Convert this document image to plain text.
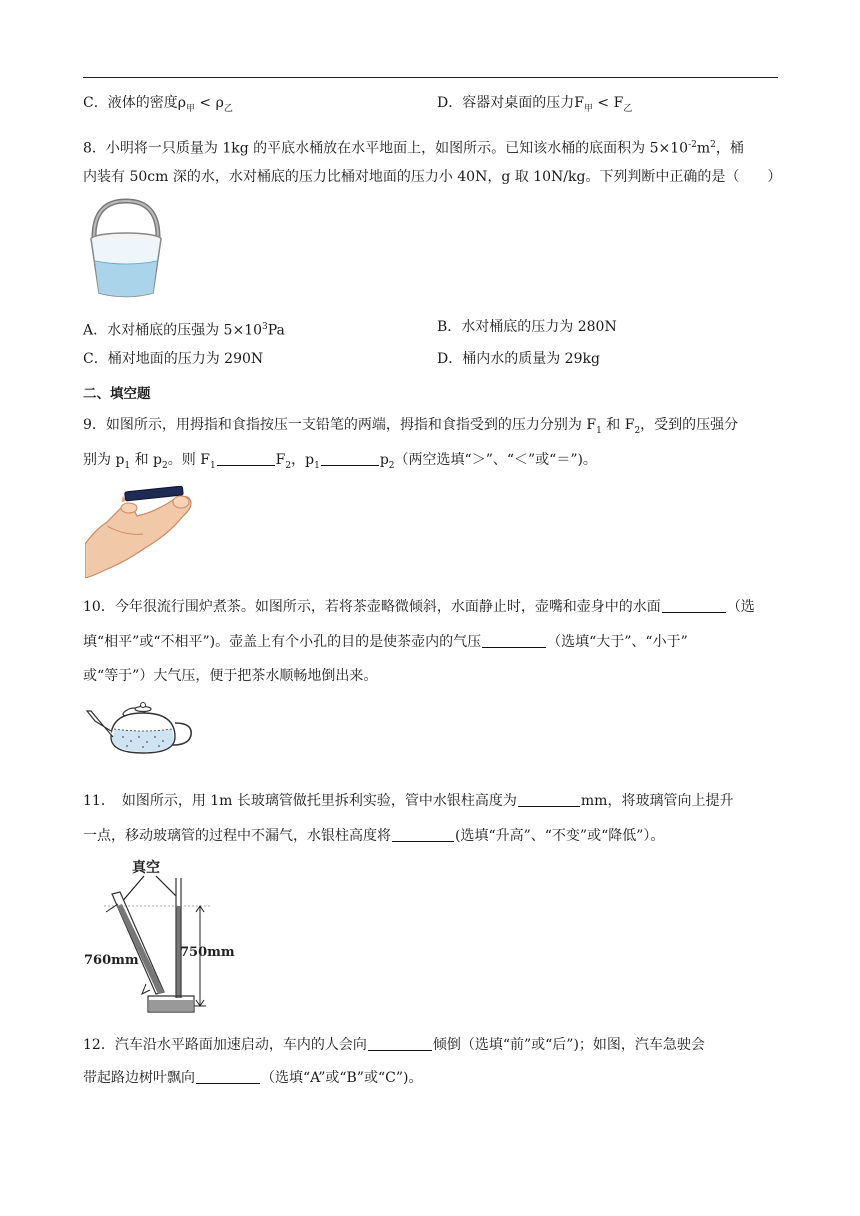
C．液体的密度$\rho_甲 < \rho_乙$	D．容器对桌面的压力$F_甲 < F_乙$
8．小明将一只质量为 1kg 的平底水桶放在水平地面上，如图所示。已知该水桶的底面积为 $5\times 10^{-2}m^2$，桶
内装有 50cm 深的水，水对桶底的压力比桶对地面的压力小 40N，g 取 10N/kg。下列判断中正确的是（　　）
A．水对桶底的压强为 $5\times 10^3Pa$	B．水对桶底的压力为 280N
C．桶对地面的压力为 290N	D．桶内水的质量为 29kg
二、填空题
9．如图所示，用拇指和食指按压一支铅笔的两端，拇指和食指受到的压力分别为 $F_1$ 和 $F_2$，受到的压强分
别为 $p_1$ 和 $p_2$。则 $F_1$	$F_2$，$p_1$	$p_2$（两空选填“＞”、“＜”或“＝”)。
10．今年很流行围炉煮茶。如图所示，若将茶壶略微倾斜，水面静止时，壶嘴和壶身中的水面	（选
填“相平”或“不相平”)。壶盖上有个小孔的目的是使茶壶内的气压	（选填“大于”、“小于”
或“等于”）大气压，便于把茶水顺畅地倒出来。
11．　如图所示，用 1m 长玻璃管做托里拆利实验，管中水银柱高度为	mm，将玻璃管向上提升
一点，移动玻璃管的过程中不漏气，水银柱高度将	(选填“升高”、“不变”或“降低”）。
真空
750mm
760mm
12．汽车沿水平路面加速启动，车内的人会向	倾倒（选填“前”或“后”)；如图，汽车急驶会
带起路边树叶飘向	（选填“A”或“B”或“C”)。
